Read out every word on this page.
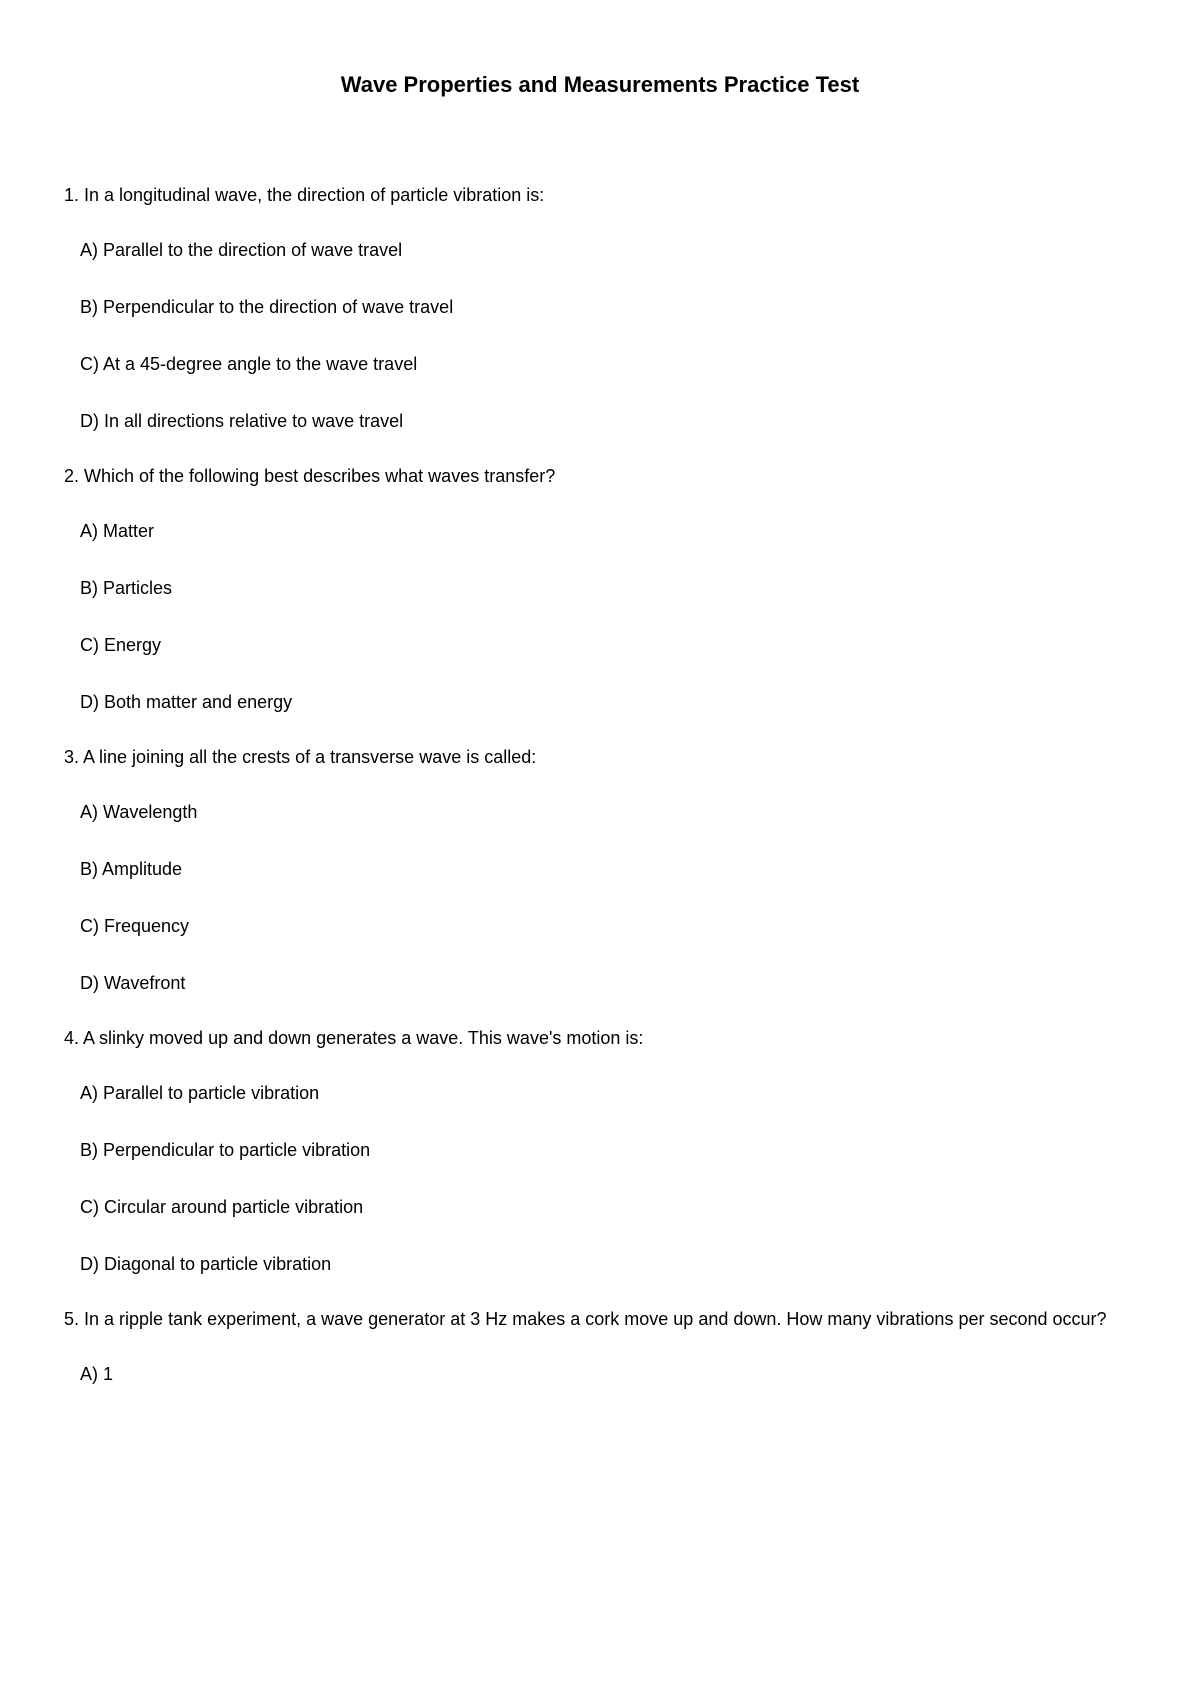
Wave Properties and Measurements Practice Test
1. In a longitudinal wave, the direction of particle vibration is:
A) Parallel to the direction of wave travel
B) Perpendicular to the direction of wave travel
C) At a 45-degree angle to the wave travel
D) In all directions relative to wave travel
2. Which of the following best describes what waves transfer?
A) Matter
B) Particles
C) Energy
D) Both matter and energy
3. A line joining all the crests of a transverse wave is called:
A) Wavelength
B) Amplitude
C) Frequency
D) Wavefront
4. A slinky moved up and down generates a wave. This wave's motion is:
A) Parallel to particle vibration
B) Perpendicular to particle vibration
C) Circular around particle vibration
D) Diagonal to particle vibration
5. In a ripple tank experiment, a wave generator at 3 Hz makes a cork move up and down. How many vibrations per second occur?
A) 1
